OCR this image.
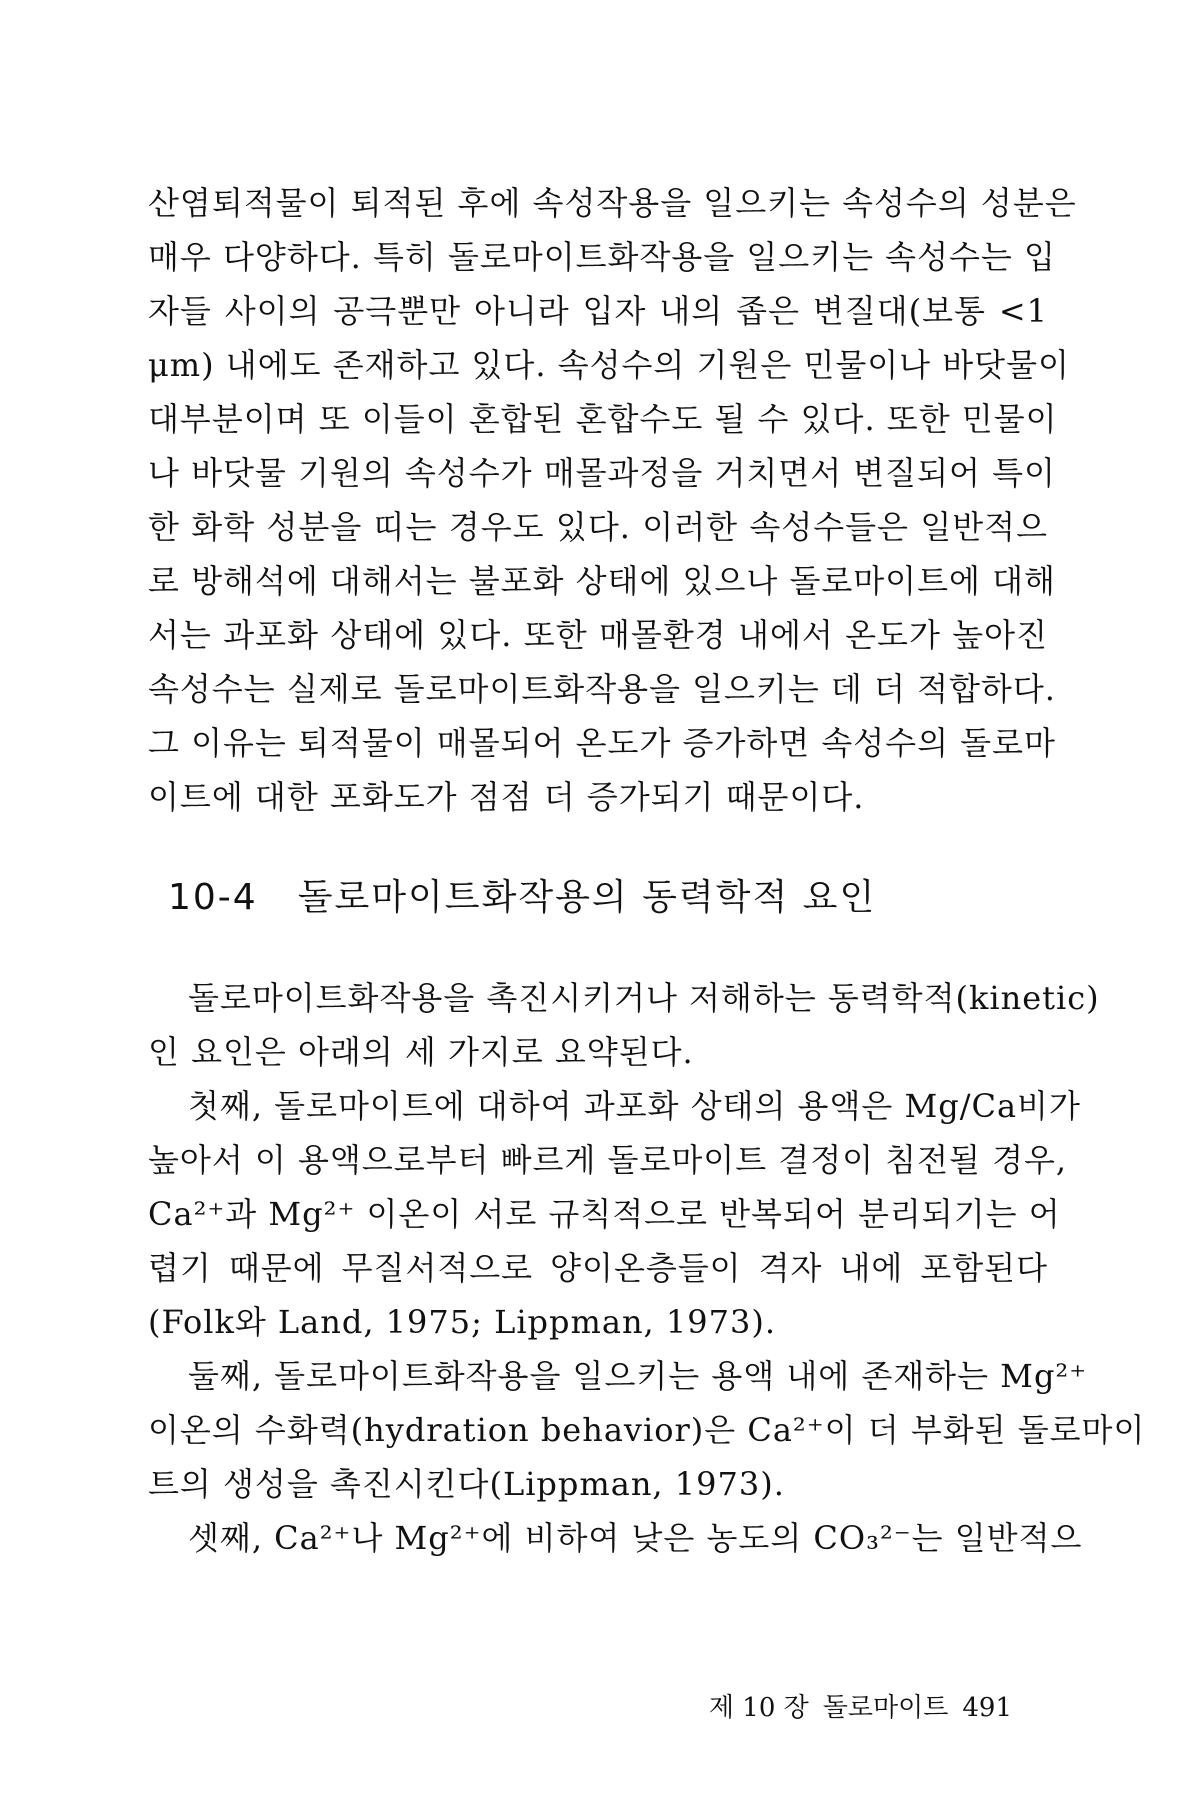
산염퇴적물이 퇴적된 후에 속성작용을 일으키는 속성수의 성분은
매우 다양하다. 특히 돌로마이트화작용을 일으키는 속성수는 입
자들 사이의 공극뿐만 아니라 입자 내의 좁은 변질대(보통 <1
μm) 내에도 존재하고 있다. 속성수의 기원은 민물이나 바닷물이
대부분이며 또 이들이 혼합된 혼합수도 될 수 있다. 또한 민물이
나 바닷물 기원의 속성수가 매몰과정을 거치면서 변질되어 특이
한 화학 성분을 띠는 경우도 있다. 이러한 속성수들은 일반적으
로 방해석에 대해서는 불포화 상태에 있으나 돌로마이트에 대해
서는 과포화 상태에 있다. 또한 매몰환경 내에서 온도가 높아진
속성수는 실제로 돌로마이트화작용을 일으키는 데 더 적합하다.
그 이유는 퇴적물이 매몰되어 온도가 증가하면 속성수의 돌로마
이트에 대한 포화도가 점점 더 증가되기 때문이다.
10-4 돌로마이트화작용의 동력학적 요인
돌로마이트화작용을 촉진시키거나 저해하는 동력학적(kinetic)
인 요인은 아래의 세 가지로 요약된다.
첫째, 돌로마이트에 대하여 과포화 상태의 용액은 Mg/Ca비가
높아서 이 용액으로부터 빠르게 돌로마이트 결정이 침전될 경우,
Ca²⁺과 Mg²⁺ 이온이 서로 규칙적으로 반복되어 분리되기는 어
렵기 때문에 무질서적으로 양이온층들이 격자 내에 포함된다
(Folk와 Land, 1975; Lippman, 1973).
둘째, 돌로마이트화작용을 일으키는 용액 내에 존재하는 Mg²⁺
이온의 수화력(hydration behavior)은 Ca²⁺이 더 부화된 돌로마이
트의 생성을 촉진시킨다(Lippman, 1973).
셋째, Ca²⁺나 Mg²⁺에 비하여 낮은 농도의 CO₃²⁻는 일반적으
제 10 장 돌로마이트 491
